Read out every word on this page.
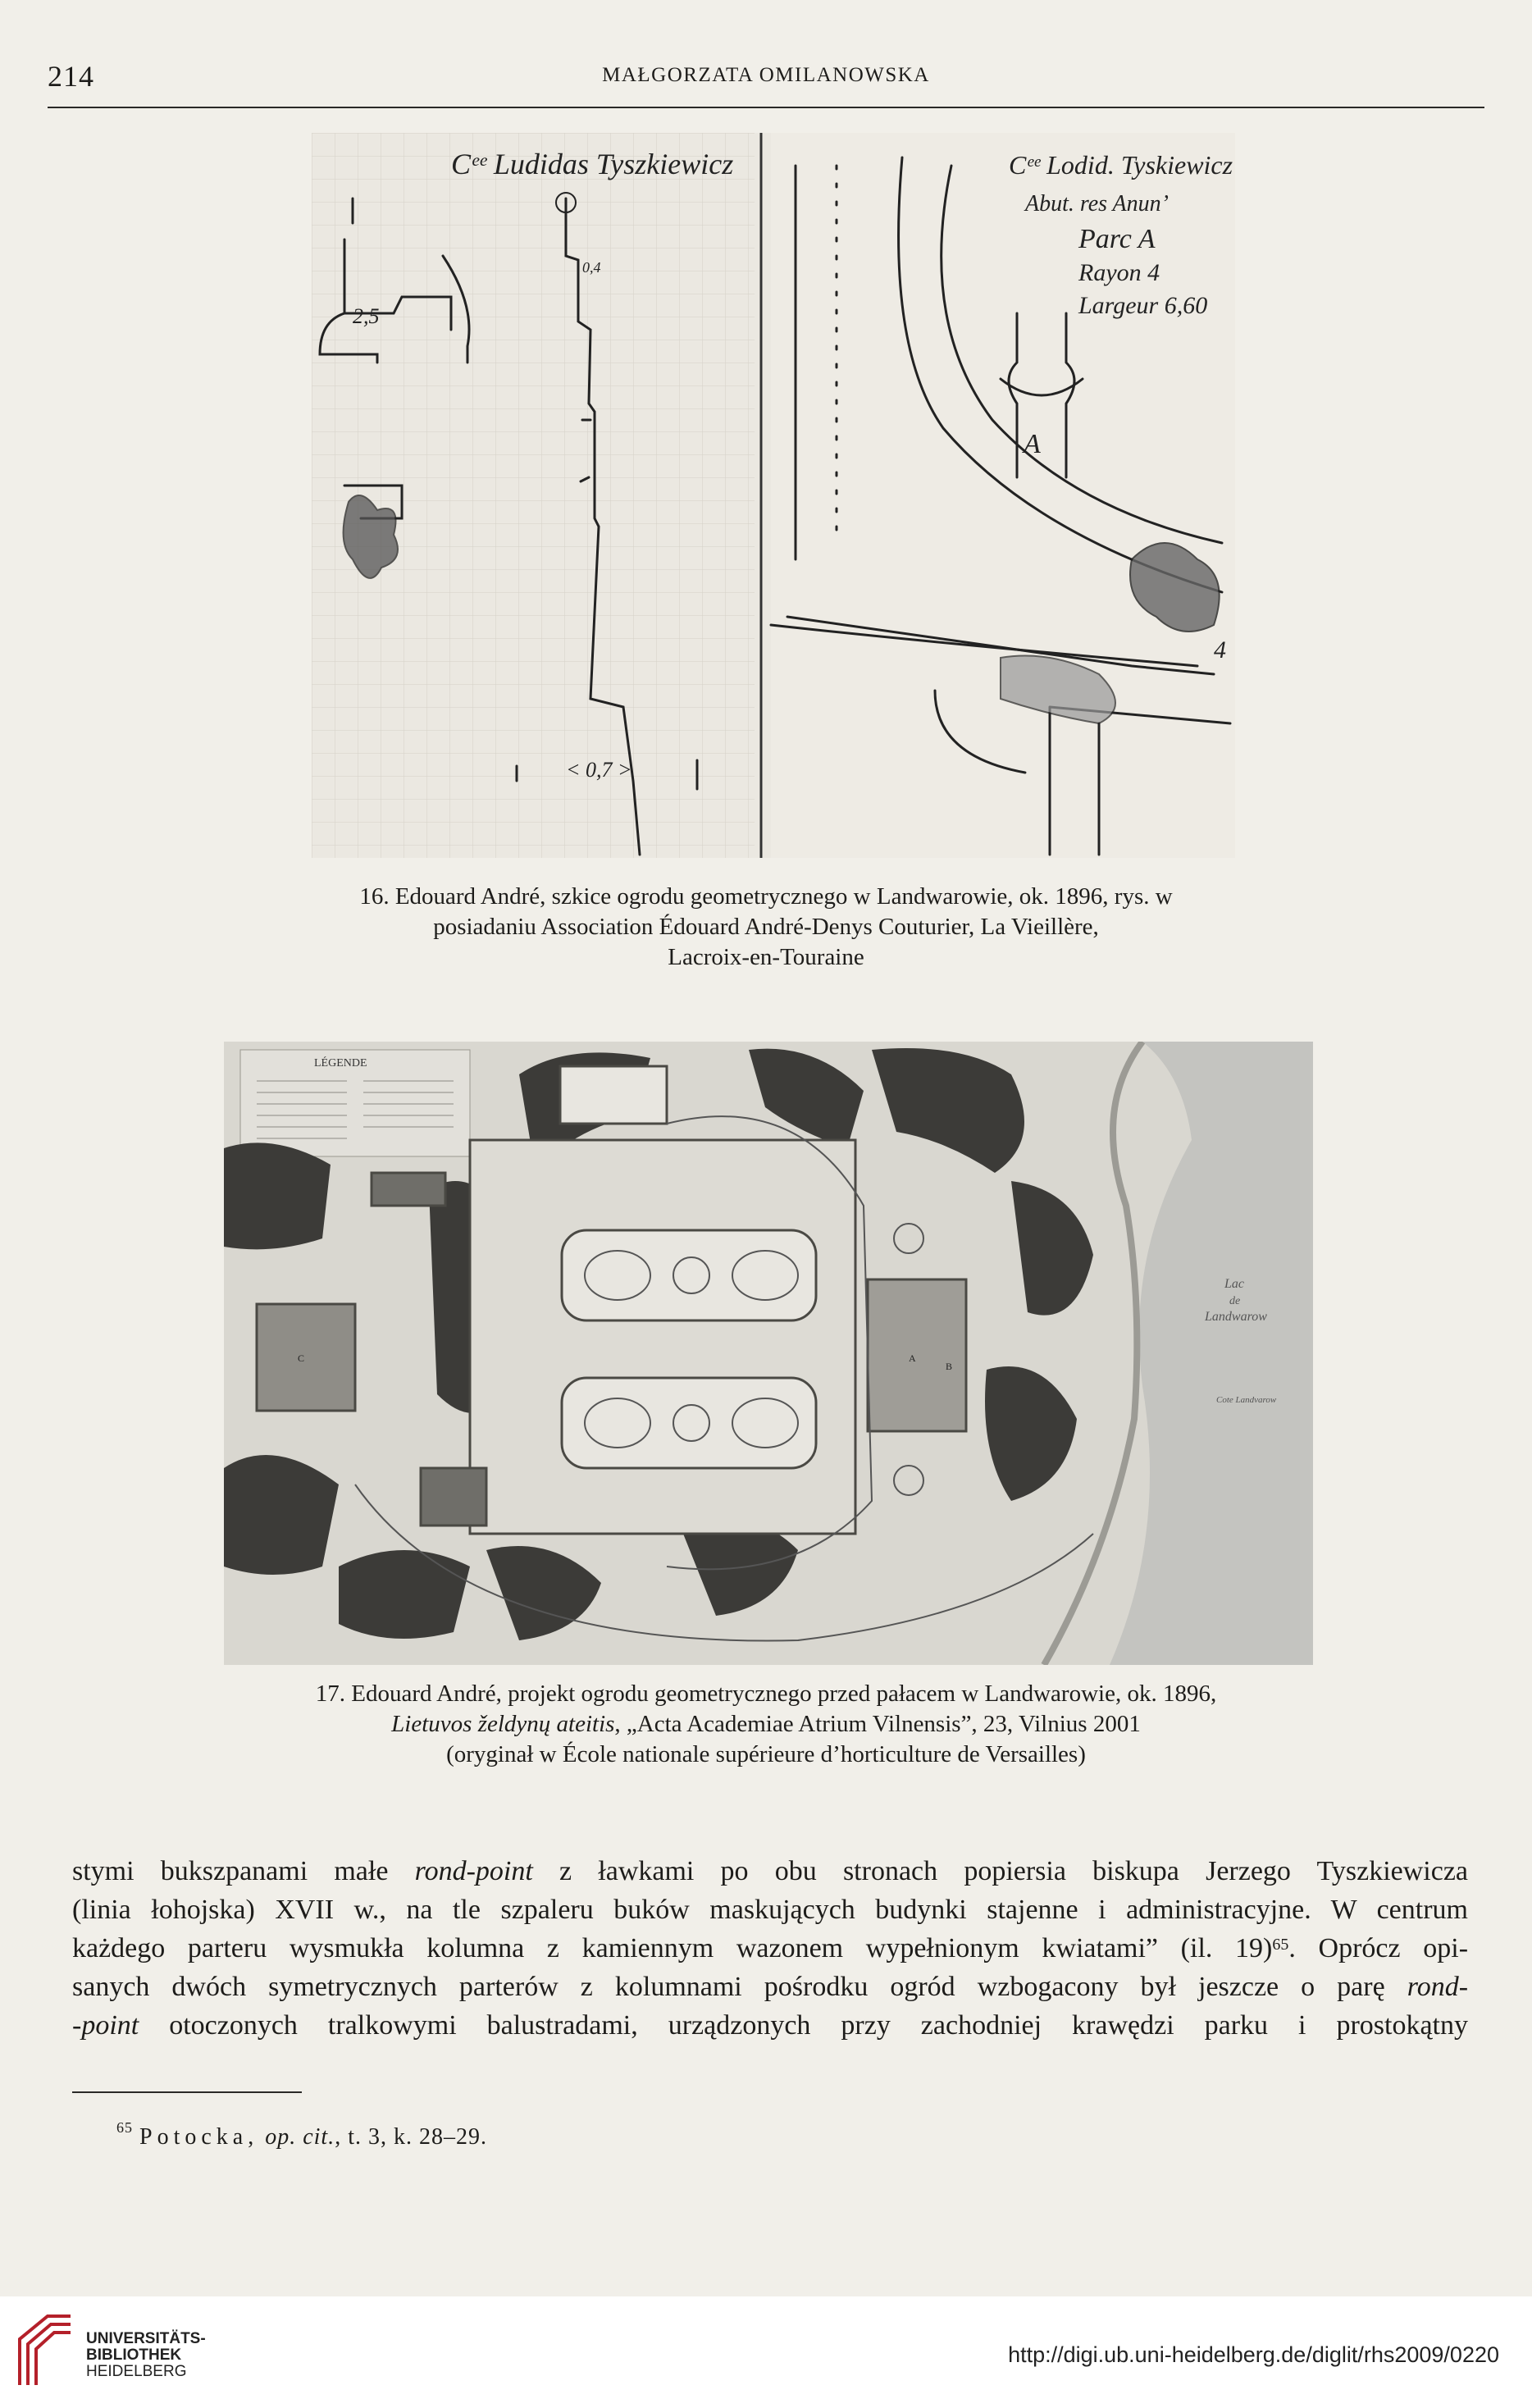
214	MAŁGORZATA OMILANOWSKA
Cᵉᵉ Ludidas Tyszkiewicz
2,5
0,4
< 0,7 >
Cᵉᵉ Lodid. Tyskiewicz
Abut. res Anun’
Parc A
Rayon 4
Largeur 6,60
A
4
16. Edouard André, szkice ogrodu geometrycznego w Landwarowie, ok. 1896, rys. w
posiadaniu Association Édouard André-Denys Couturier, La Vieillère,
Lacroix-en-Touraine
Lac
de
Landwarow
Cote Landvarow
LÉGENDE
A
B
C
17. Edouard André, projekt ogrodu geometrycznego przed pałacem w Landwarowie, ok. 1896,
Lietuvos želdynų ateitis, „Acta Academiae Atrium Vilnensis”, 23, Vilnius 2001
(oryginał w École nationale supérieure d’horticulture de Versailles)
stymi bukszpanami małe rond-point z ławkami po obu stronach popiersia biskupa Jerzego Tyszkiewicza
(linia łohojska) XVII w., na tle szpaleru buków maskujących budynki stajenne i administracyjne. W centrum
każdego parteru wysmukła kolumna z kamiennym wazonem wypełnionym kwiatami” (il. 19)$^{65}$. Oprócz opi-
sanych dwóch symetrycznych parterów z kolumnami pośrodku ogród wzbogacony był jeszcze o parę rond-
-point otoczonych tralkowymi balustradami, urządzonych przy zachodniej krawędzi parku i prostokątny
$^{65}$ Potocka, op. cit., t. 3, k. 28–29.
UNIVERSITÄTS-
BIBLIOTHEK
HEIDELBERG
http://digi.ub.uni-heidelberg.de/diglit/rhs2009/0220
